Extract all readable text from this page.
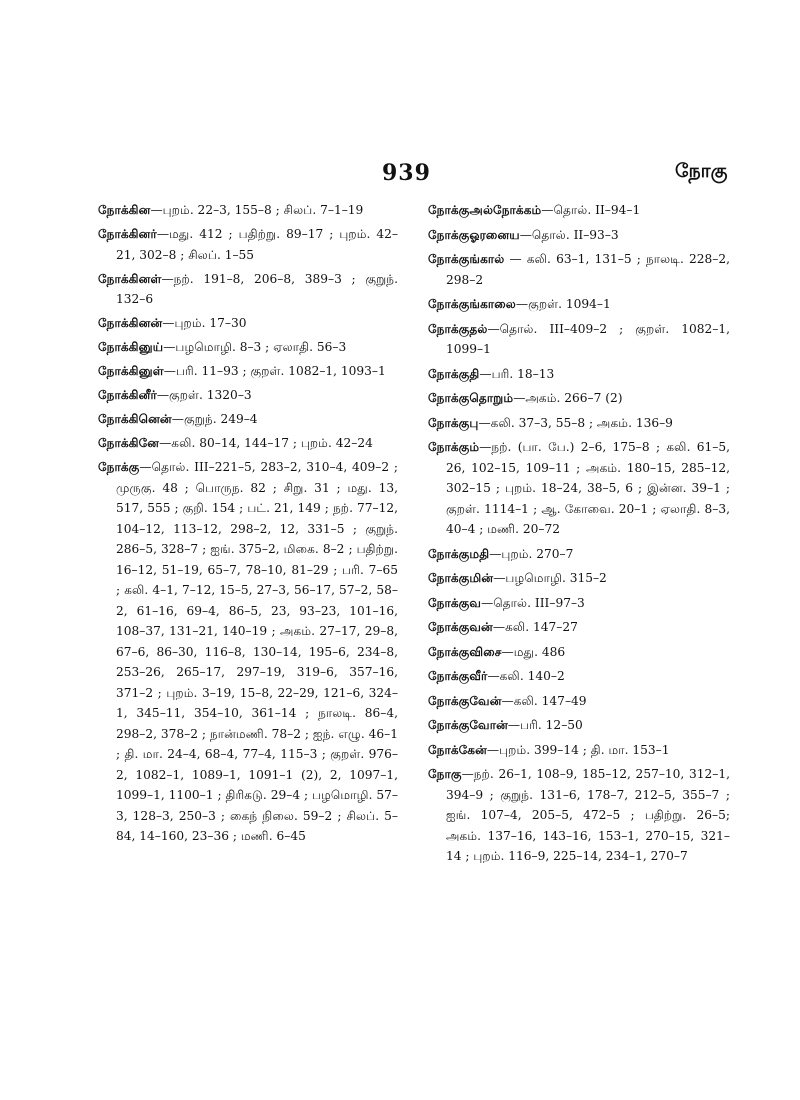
939	நோகு
நோக்கின—புறம். 22–3, 155–8 ; சிலப். 7–1–19
நோக்கினர்—மது. 412 ; பதிற்று. 89–17 ; புறம். 42–21, 302–8 ; சிலப். 1–55
நோக்கினள்—நற். 191–8, 206–8, 389–3 ; குறுந். 132–6
நோக்கினன்—புறம். 17–30
நோக்கினுய்—பழமொழி. 8–3 ; ஏலாதி. 56–3
நோக்கினுள்—பரி. 11–93 ; குறள். 1082–1, 1093–1
நோக்கினீர்—குறள். 1320–3
நோக்கினென்—குறுந். 249–4
நோக்கினே—கலி. 80–14, 144–17 ; புறம். 42–24
நோக்கு—தொல். III–221–5, 283–2, 310–4, 409–2 ; முருகு. 48 ; பொருந. 82 ; சிறு. 31 ; மது. 13, 517, 555 ; குறி. 154 ; பட். 21, 149 ; நற். 77–12, 104–12, 113–12, 298–2, 12, 331–5 ; குறுந். 286–5, 328–7 ; ஐங். 375–2, மிகை. 8–2 ; பதிற்று. 16–12, 51–19, 65–7, 78–10, 81–29 ; பரி. 7–65 ; கலி. 4–1, 7–12, 15–5, 27–3, 56–17, 57–2, 58–2, 61–16, 69–4, 86–5, 23, 93–23, 101–16, 108–37, 131–21, 140–19 ; அகம். 27–17, 29–8, 67–6, 86–30, 116–8, 130–14, 195–6, 234–8, 253–26, 265–17, 297–19, 319–6, 357–16, 371–2 ; புறம். 3–19, 15–8, 22–29, 121–6, 324–1, 345–11, 354–10, 361–14 ; நாலடி. 86–4, 298–2, 378–2 ; நான்மணி. 78–2 ; ஐந். எழு. 46–1 ; தி. மா. 24–4, 68–4, 77–4, 115–3 ; குறள். 976–2, 1082–1, 1089–1, 1091–1 (2), 2, 1097–1, 1099–1, 1100–1 ; திரிகடு. 29–4 ; பழமொழி. 57–3, 128–3, 250–3 ; கைந் நிலை. 59–2 ; சிலப். 5–84, 14–160, 23–36 ; மணி. 6–45
நோக்குஅல்நோக்கம்—தொல். II–94–1
நோக்குஓரனைய—தொல். II–93–3
நோக்குங்கால் — கலி. 63–1, 131–5 ; நாலடி. 228–2, 298–2
நோக்குங்காலை—குறள். 1094–1
நோக்குதல்—தொல். III–409–2 ; குறள். 1082–1, 1099–1
நோக்குதி—பரி. 18–13
நோக்குதொறும்—அகம். 266–7 (2)
நோக்குபு—கலி. 37–3, 55–8 ; அகம். 136–9
நோக்கும்—நற். (பா. பே.) 2–6, 175–8 ; கலி. 61–5, 26, 102–15, 109–11 ; அகம். 180–15, 285–12, 302–15 ; புறம். 18–24, 38–5, 6 ; இன்ன. 39–1 ; குறள். 1114–1 ; ஆ. கோவை. 20–1 ; ஏலாதி. 8–3, 40–4 ; மணி. 20–72
நோக்குமதி—புறம். 270–7
நோக்குமின்—பழமொழி. 315–2
நோக்குவ—தொல். III–97–3
நோக்குவன்—கலி. 147–27
நோக்குவிசை—மது. 486
நோக்குவீர்—கலி. 140–2
நோக்குவேன்—கலி. 147–49
நோக்குவோன்—பரி. 12–50
நோக்கேன்—புறம். 399–14 ; தி. மா. 153–1
நோகு—நற். 26–1, 108–9, 185–12, 257–10, 312–1, 394–9 ; குறுந். 131–6, 178–7, 212–5, 355–7 ; ஐங். 107–4, 205–5, 472–5 ; பதிற்று. 26–5; அகம். 137–16, 143–16, 153–1, 270–15, 321–14 ; புறம். 116–9, 225–14, 234–1, 270–7
